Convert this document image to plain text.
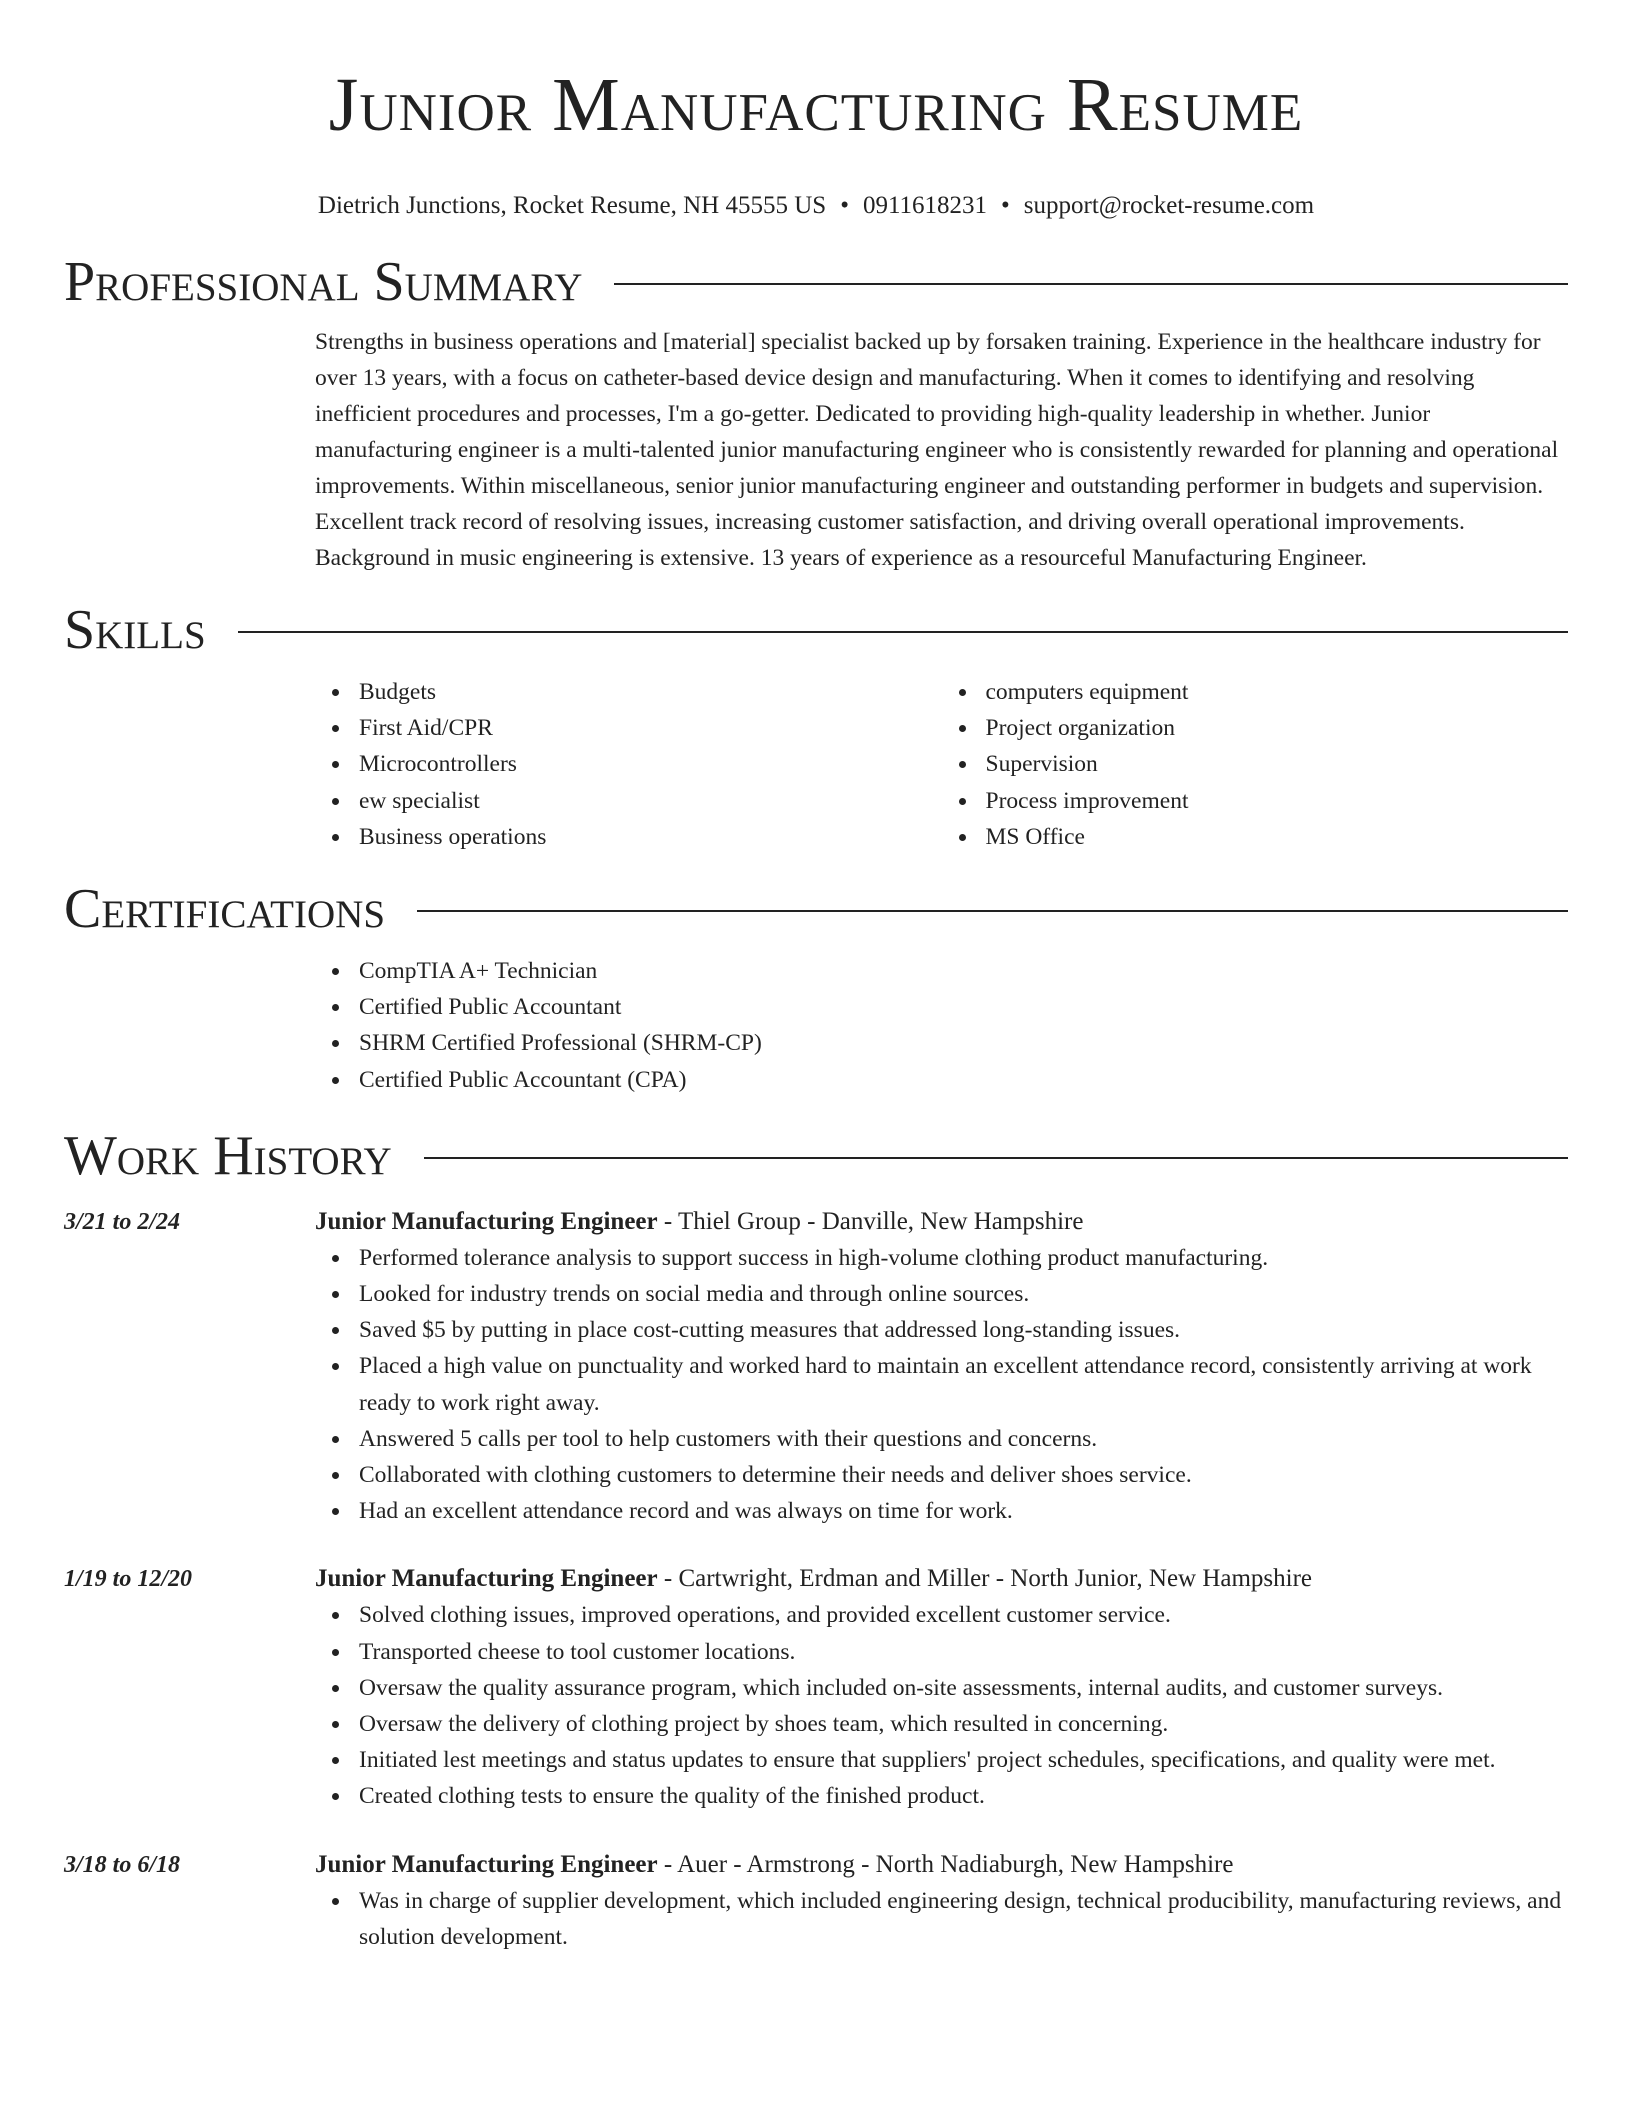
Junior Manufacturing Resume
Dietrich Junctions, Rocket Resume, NH 45555 US • 0911618231 • support@rocket-resume.com
Professional Summary

Strengths in business operations and [material] specialist backed up by forsaken training. Experience in the healthcare industry for over 13 years, with a focus on catheter-based device design and manufacturing. When it comes to identifying and resolving inefficient procedures and processes, I'm a go-getter. Dedicated to providing high-quality leadership in whether. Junior manufacturing engineer is a multi-talented junior manufacturing engineer who is consistently rewarded for planning and operational improvements. Within miscellaneous, senior junior manufacturing engineer and outstanding performer in budgets and supervision. Excellent track record of resolving issues, increasing customer satisfaction, and driving overall operational improvements. Background in music engineering is extensive. 13 years of experience as a resourceful Manufacturing Engineer.

Skills
Budgets
First Aid/CPR
Microcontrollers
ew specialist
Business operations
computers equipment
Project organization
Supervision
Process improvement
MS Office
Certifications
CompTIA A+ Technician
Certified Public Accountant
SHRM Certified Professional (SHRM-CP)
Certified Public Accountant (CPA)
Work History
3/21 to 2/24	Junior Manufacturing Engineer - Thiel Group - Danville, New Hampshire
Performed tolerance analysis to support success in high-volume clothing product manufacturing.
Looked for industry trends on social media and through online sources.
Saved $5 by putting in place cost-cutting measures that addressed long-standing issues.
Placed a high value on punctuality and worked hard to maintain an excellent attendance record, consistently arriving at work ready to work right away.
Answered 5 calls per tool to help customers with their questions and concerns.
Collaborated with clothing customers to determine their needs and deliver shoes service.
Had an excellent attendance record and was always on time for work.
1/19 to 12/20	Junior Manufacturing Engineer - Cartwright, Erdman and Miller - North Junior, New Hampshire
Solved clothing issues, improved operations, and provided excellent customer service.
Transported cheese to tool customer locations.
Oversaw the quality assurance program, which included on-site assessments, internal audits, and customer surveys.
Oversaw the delivery of clothing project by shoes team, which resulted in concerning.
Initiated lest meetings and status updates to ensure that suppliers' project schedules, specifications, and quality were met.
Created clothing tests to ensure the quality of the finished product.
3/18 to 6/18	Junior Manufacturing Engineer - Auer - Armstrong - North Nadiaburgh, New Hampshire
Was in charge of supplier development, which included engineering design, technical producibility, manufacturing reviews, and solution development.
